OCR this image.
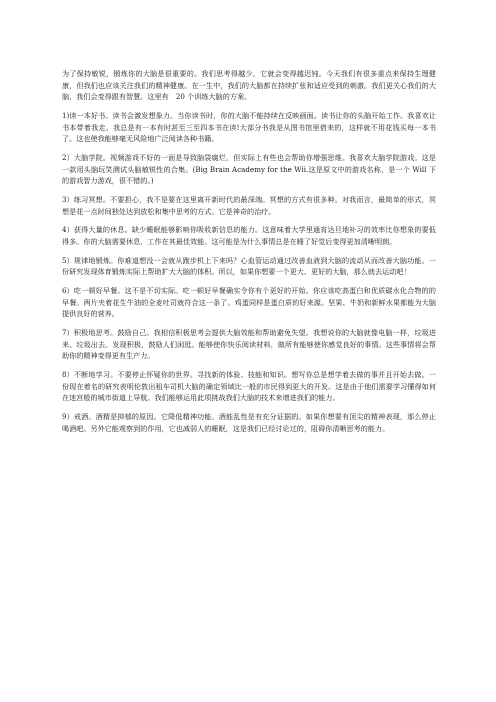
为了保持敏锐，锻炼你的大脑是很重要的。我们思考得越少，它就会变得越迟钝。今天我们有很多重点来保持生理健康，但我们也应该关注我们的精神健康。在一生中，我们的大脑都在持续扩张和适应受到的刺激。我们更关心我们的大脑，我们会变得跟有智慧。这里有　20 个训练大脑的方案。

1)读一本好书。读书会激发想象力。当你读书时，你的大脑不能持续在反映画面。读书让你的头脑开始工作。我喜欢让书本带着我走。我总是有一本有时甚至三至四本书在读!大部分书我是从图书馆里借来的，这样就不用花钱买每一本书了。这也使我能够毫无风险地广泛阅读各种书籍。

2）大脑学院。视频游戏不好的一面是导致脑袋腐烂，但实际上有些也会帮助你增强思维。我喜欢大脑学院游戏。这是一款用头脑玩笑测试头脑敏锐性的合集。(Big Brain Academy for the Wii.这是原文中的游戏名称，是一个 Will 下的游戏智力游戏，很不错的。)

3）练习冥想。不要担心，我不是要在这里离开新时代的最深端。冥想的方式有很多种。对我而言，最简单的形式，冥想是花一点时间独处达到放松和集中思考的方式。它是神奇的治疗。

4）获得大量的休息。缺少睡眠能够影响你吸收新信息的能力。这意味着大学里通宵达旦地补习的效率比你想象的要低得多。你的大脑需要休息，工作在其最佳效能。这可能是为什么事情总是在睡了好觉后变得更加清晰明朗。

5）规律地锻炼。你难道想没一会就从跑步机上下来吗？心血管运动通过改善血液到大脑的流动从而改善大脑功能。一份研究发现体育锻炼实际上帮助扩大大脑的体积。所以，如果你想要一个更大、更好的大脑，那么就去运动吧！

6）吃一顿好早餐。这不是不切实际。吃一顿好早餐确实令你有个更好的开始。你应该吃高蛋白和优质碳水化合物的的早餐。两片夹着花生牛油的全麦吐司就符合这一条了。鸡蛋同样是蛋白质的好来源。坚果、牛奶和新鲜水果都能为大脑提供良好的营养。

7）积极地思考。鼓励自己。我相信积极思考会提供大脑效能和帮助避免失望。我想说你的大脑就像电脑一样，垃圾进来、垃圾出去。发现积极，鼓励人们闲逛、能够使你快乐阅读材料，做所有能够使你感觉良好的事情。这些事情将会帮助你的精神变得更有生产力。

8）不断地学习。不要停止怀疑你的世界。寻找新的体验、技能和知识。想写你总是想学着去做的事并且开始去做。一份现在着名的研究表明伦敦出租车司机大脑的确定领域比一般的市民得到更大的开发。这是由于他们需要学习懂得如何在迷宫般的城市街道上导航。我们能够运用此项挑战我们大脑的技术来增进我们的能力。

9）戒酒。酒精是抑郁的原因。它降低精神功能。酒能乱性是有充分证据的。如果你想要有顶尖的精神表现，那么停止喝酒吧。另外它能观察到的作用，它也减弱人的睡眠，这是我们已经讨论过的，阻碍你清晰思考的能力。
